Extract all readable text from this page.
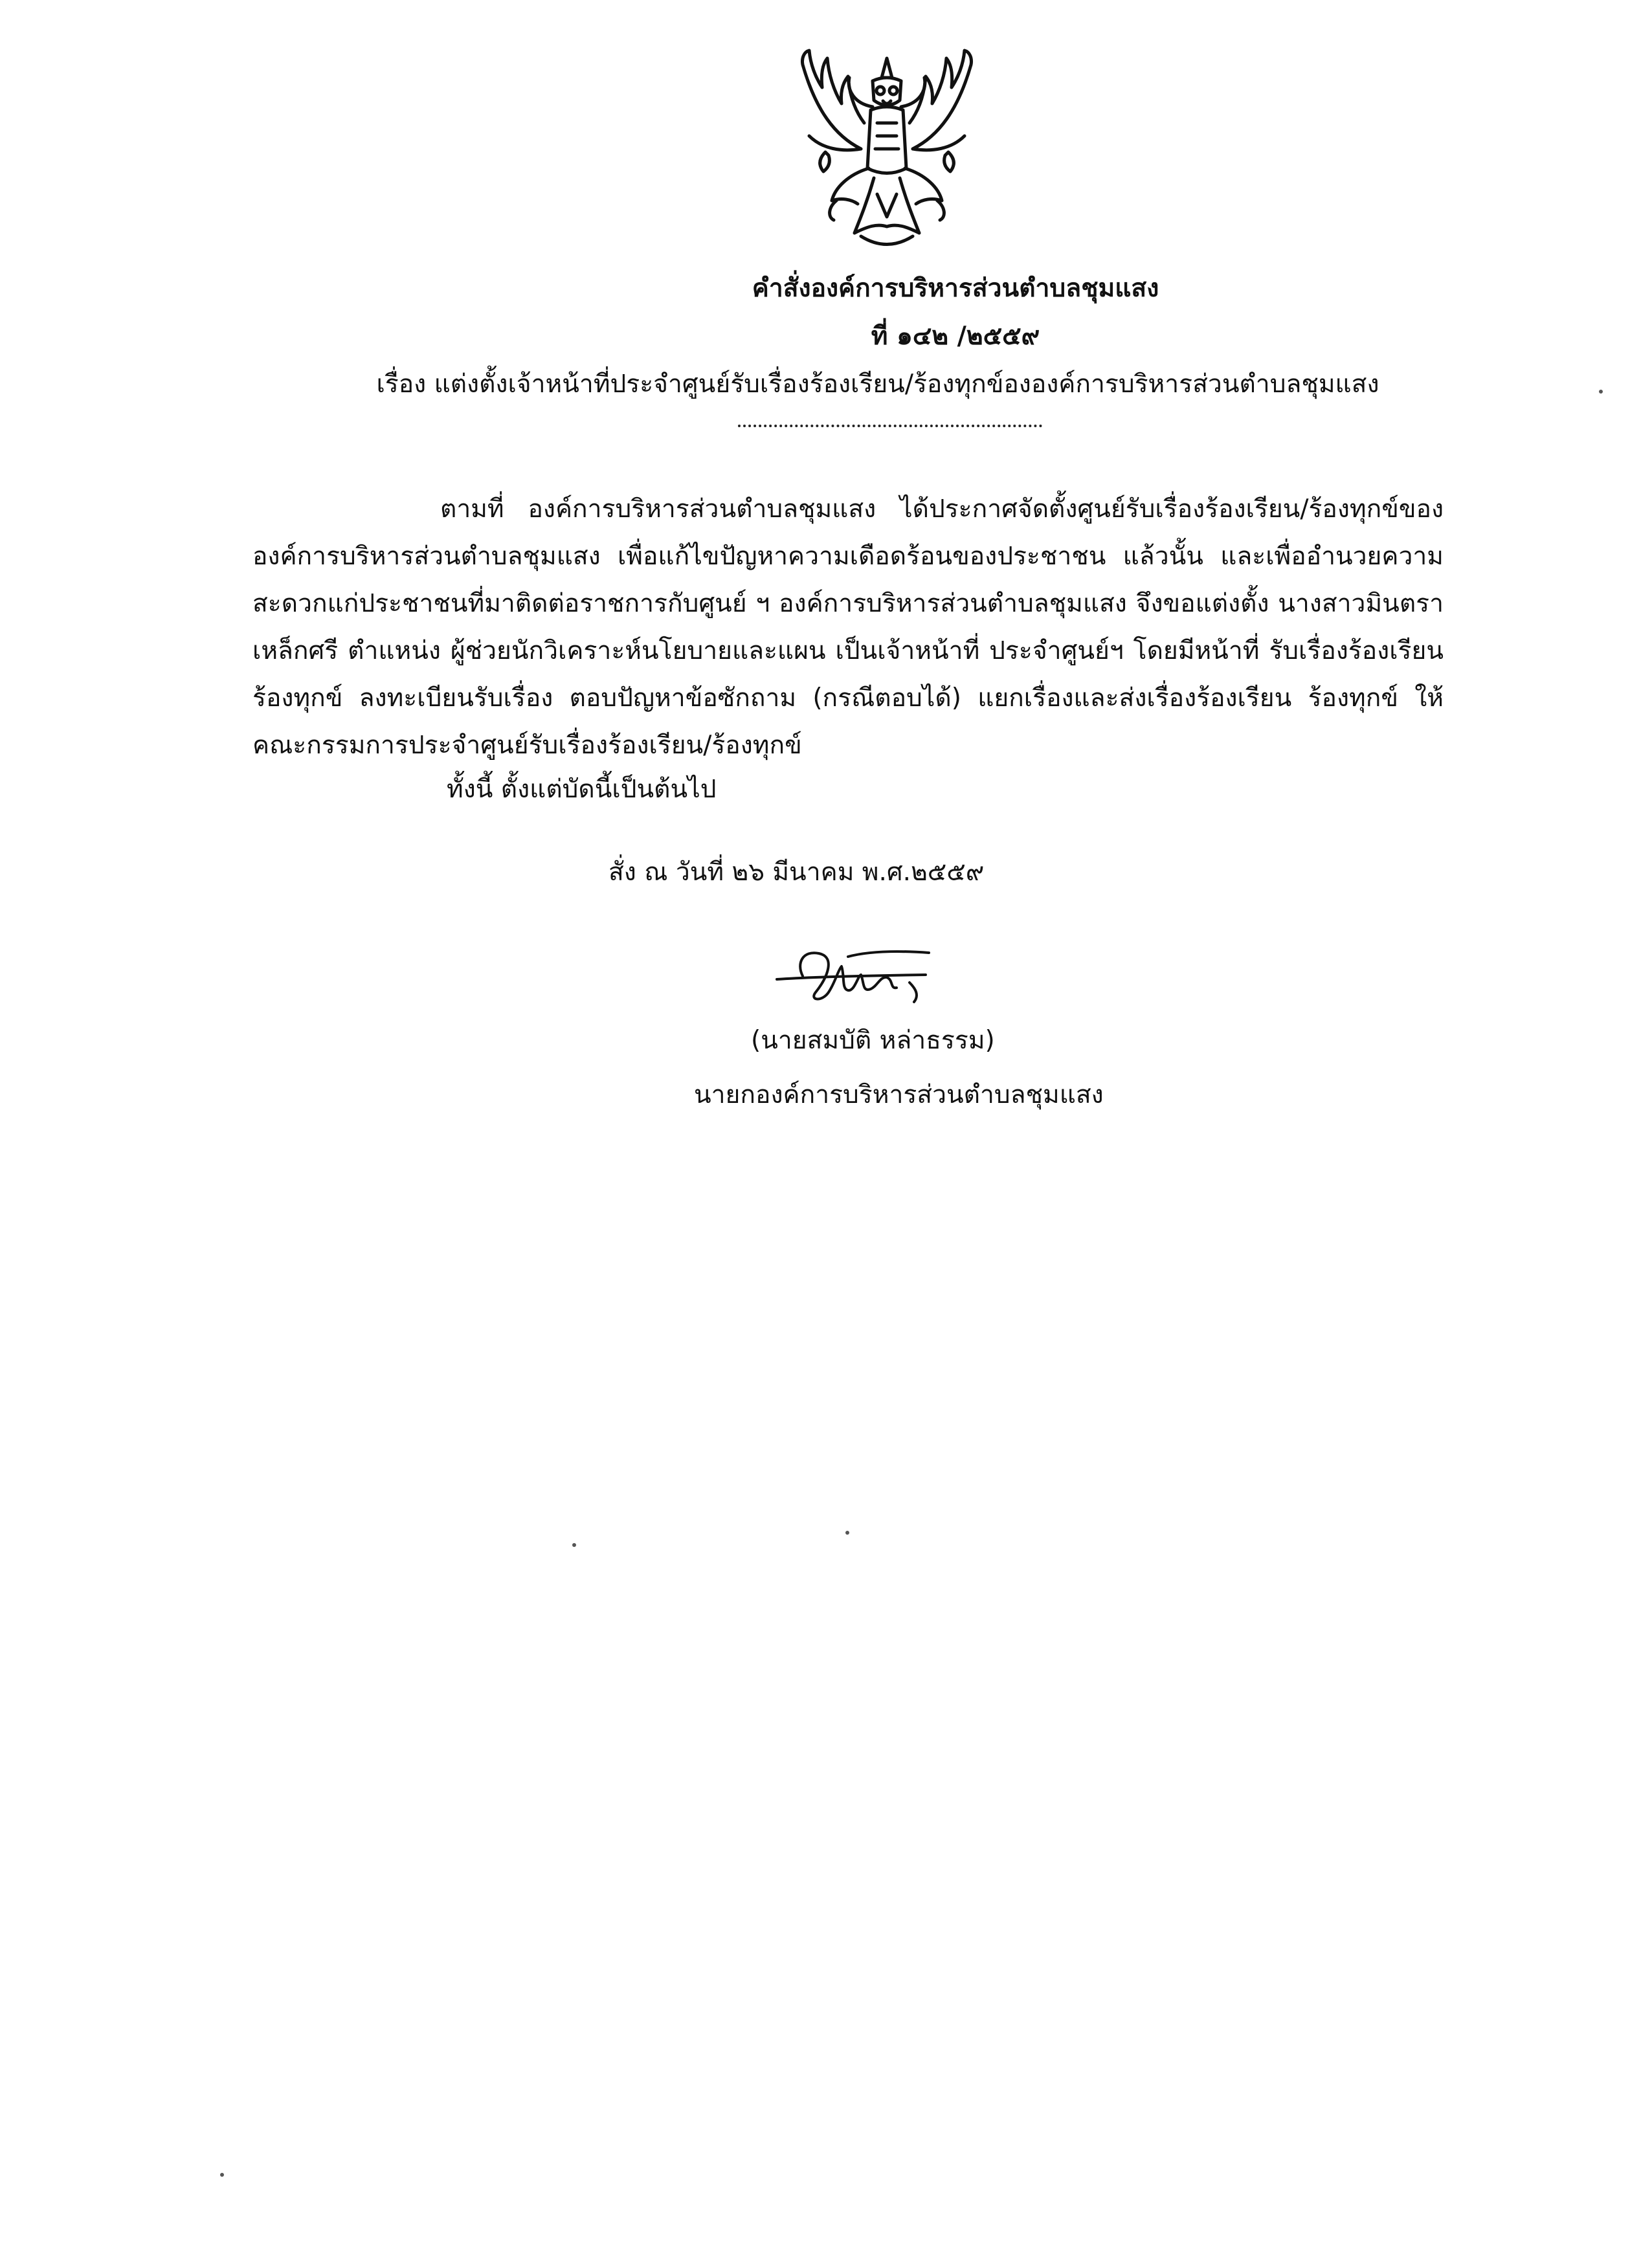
คำสั่งองค์การบริหารส่วนตำบลชุมแสง
ที่ ๑๔๒ /๒๕๕๙
เรื่อง แต่งตั้งเจ้าหน้าที่ประจำศูนย์รับเรื่องร้องเรียน/ร้องทุกข์ององค์การบริหารส่วนตำบลชุมแสง

ตามที่ องค์การบริหารส่วนตำบลชุมแสง ได้ประกาศจัดตั้งศูนย์รับเรื่องร้องเรียน/ร้องทุกข์ของ องค์การบริหารส่วนตำบลชุมแสง เพื่อแก้ไขปัญหาความเดือดร้อนของประชาชน แล้วนั้น และเพื่ออำนวยความสะดวกแก่ประชาชนที่มาติดต่อราชการกับศูนย์ ฯ องค์การบริหารส่วนตำบลชุมแสง จึงขอแต่งตั้ง นางสาวมินตรา เหล็กศรี ตำแหน่ง ผู้ช่วยนักวิเคราะห์นโยบายและแผน เป็นเจ้าหน้าที่ ประจำศูนย์ฯ โดยมีหน้าที่ รับเรื่องร้องเรียน ร้องทุกข์ ลงทะเบียนรับเรื่อง ตอบปัญหาข้อซักถาม (กรณีตอบได้) แยกเรื่องและส่งเรื่องร้องเรียน ร้องทุกข์ ให้คณะกรรมการประจำศูนย์รับเรื่องร้องเรียน/ร้องทุกข์

ทั้งนี้ ตั้งแต่บัดนี้เป็นต้นไป
สั่ง ณ วันที่ ๒๖ มีนาคม พ.ศ.๒๕๕๙
(นายสมบัติ หล่าธรรม)
นายกองค์การบริหารส่วนตำบลชุมแสง
